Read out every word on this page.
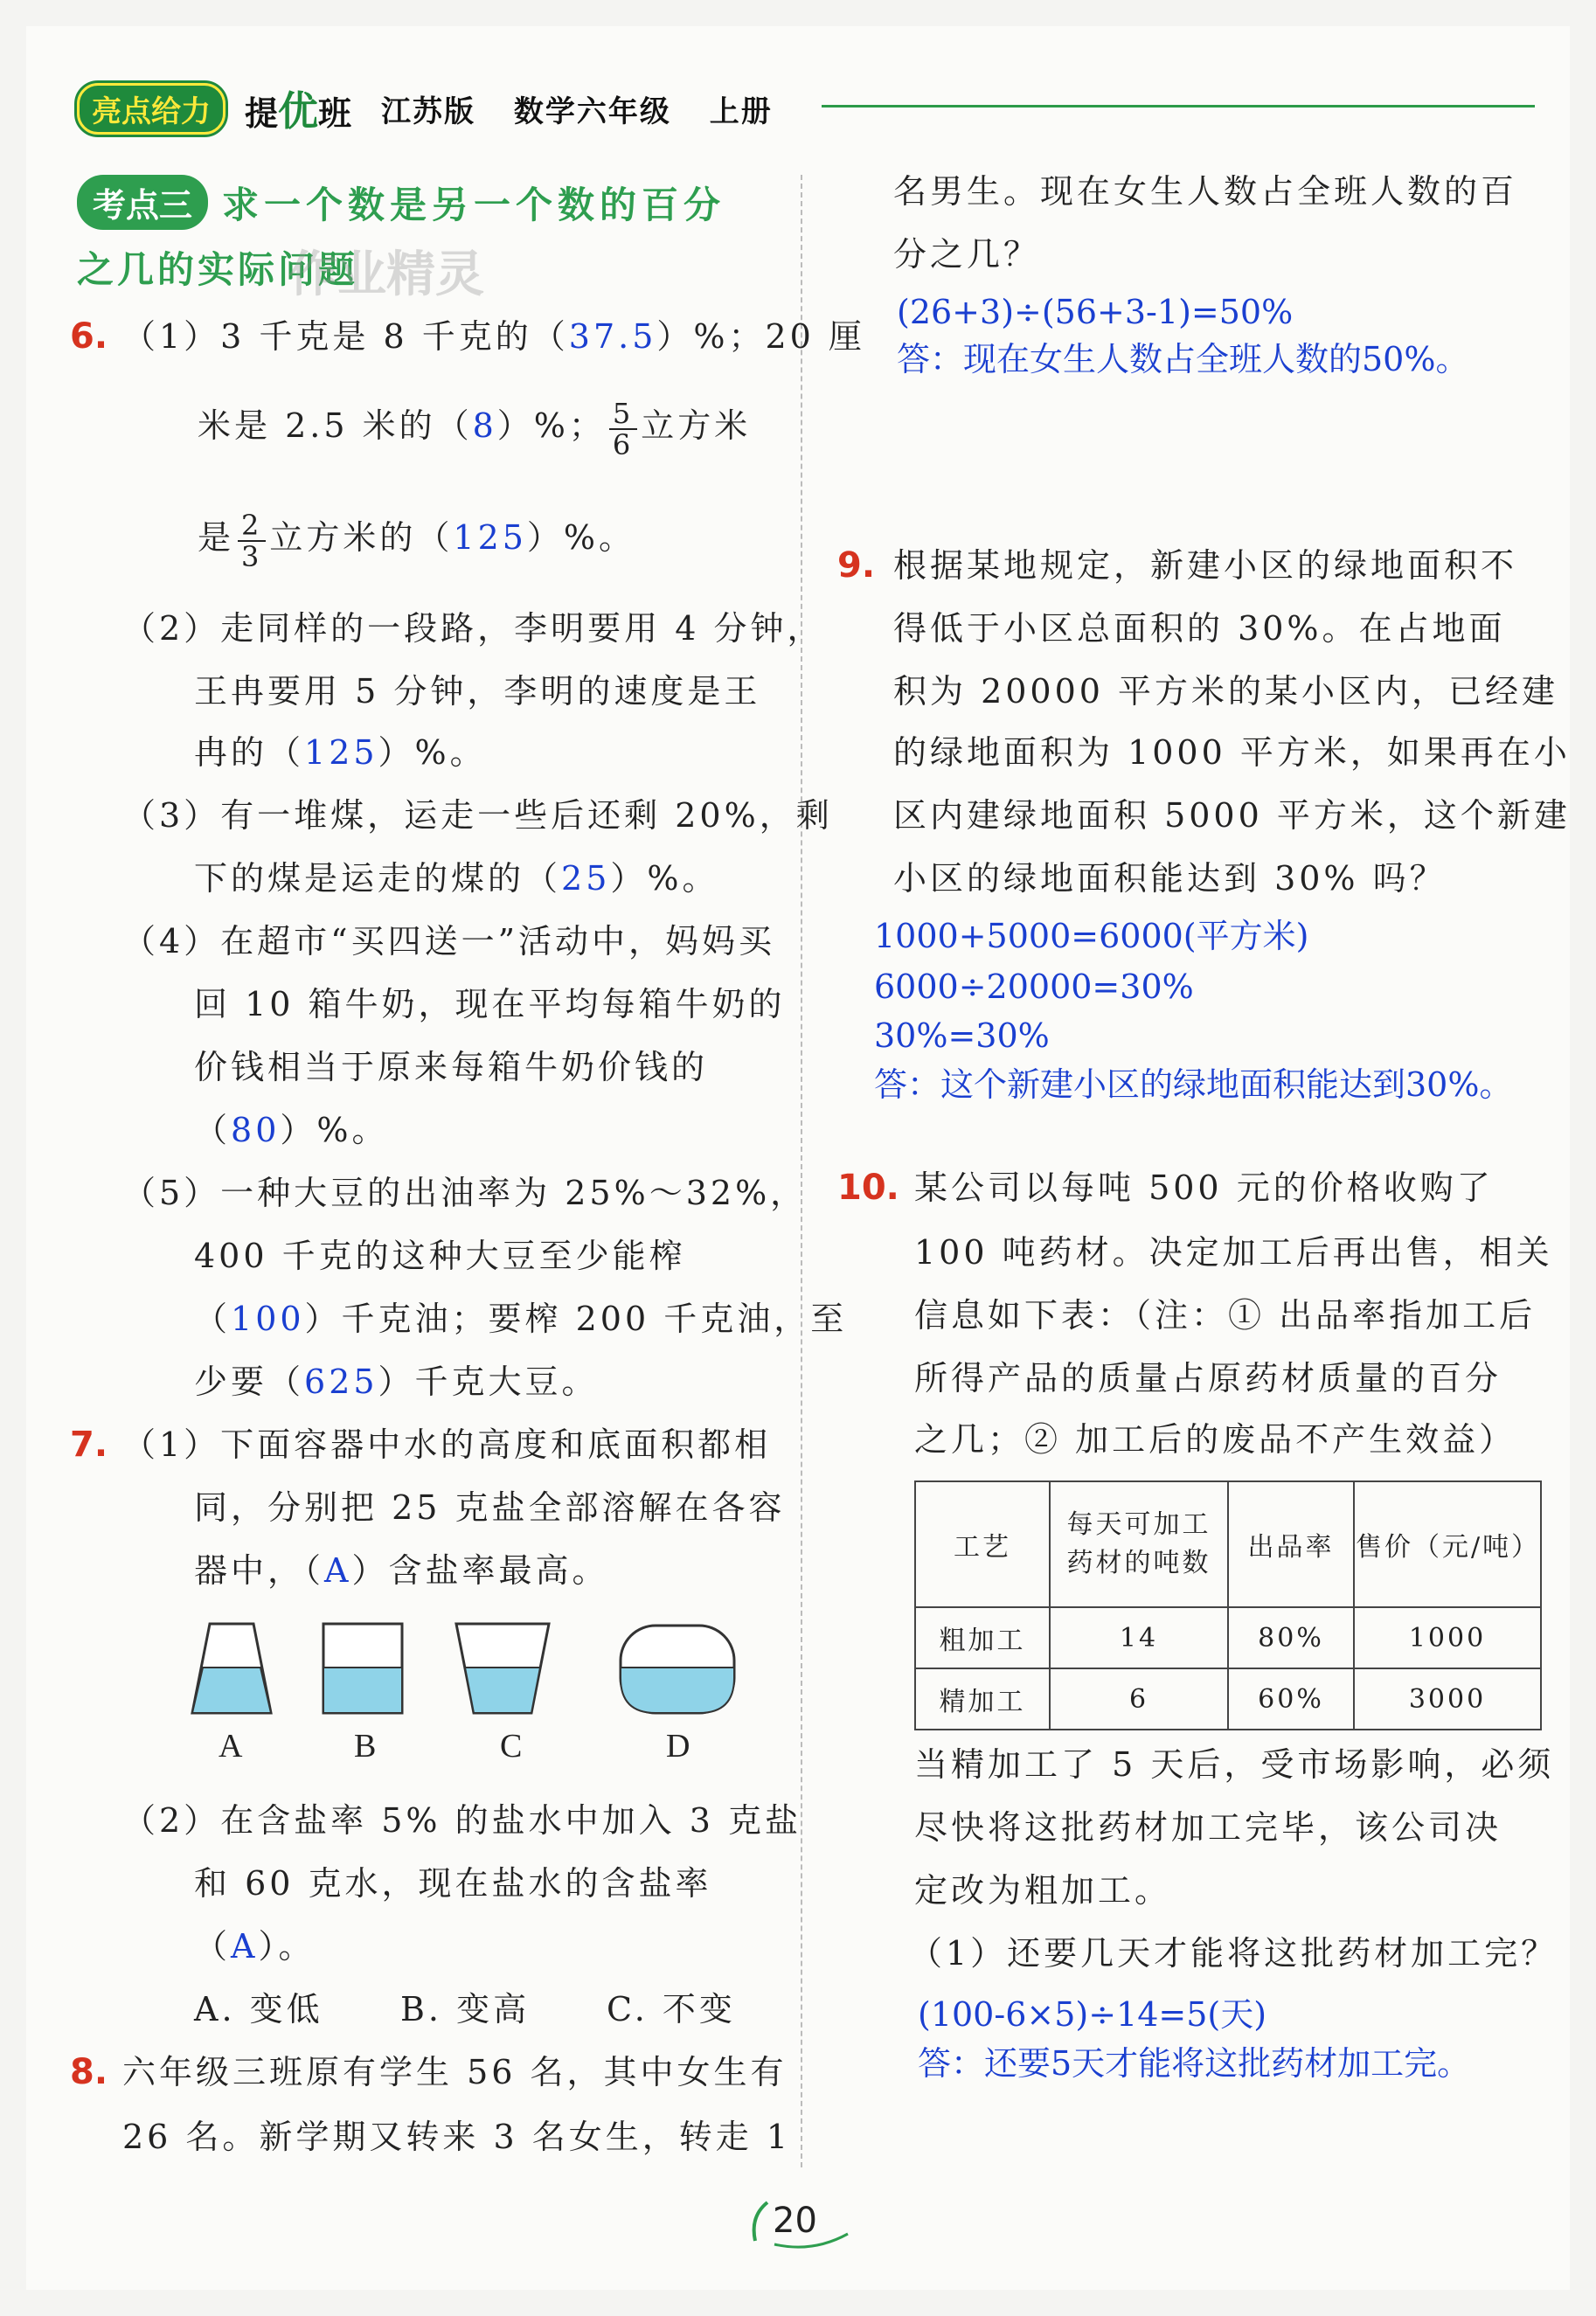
亮点给力	提优班 江苏版 数学六年级 上册
考点三 求一个数是另一个数的百分
之几的实际问题
作业精灵
6. （1）3 千克是 8 千克的（37.5）%；20 厘
米是 2.5 米的（8）%； $\frac{5}{6}$ 立方米
是 $\frac{2}{3}$ 立方米的（125）%。
（2）走同样的一段路，李明要用 4 分钟，
王冉要用 5 分钟，李明的速度是王
冉的（125）%。
（3）有一堆煤，运走一些后还剩 20%，剩
下的煤是运走的煤的（25）%。
（4）在超市“买四送一”活动中，妈妈买
回 10 箱牛奶，现在平均每箱牛奶的
价钱相当于原来每箱牛奶价钱的
（80）%。
（5）一种大豆的出油率为 25%～32%，
400 千克的这种大豆至少能榨
（100）千克油；要榨 200 千克油，至
少要（625）千克大豆。
7. （1）下面容器中水的高度和底面积都相
同，分别把 25 克盐全部溶解在各容
器中，（A）含盐率最高。
A	B	C	D
（2）在含盐率 5% 的盐水中加入 3 克盐
和 60 克水，现在盐水的含盐率
（A）。
A. 变低 B. 变高 C. 不变
8. 六年级三班原有学生 56 名，其中女生有
26 名。新学期又转来 3 名女生，转走 1
名男生。现在女生人数占全班人数的百
分之几？
(26+3)÷(56+3-1)=50%
答：现在女生人数占全班人数的50%。
9. 根据某地规定，新建小区的绿地面积不
得低于小区总面积的 30%。在占地面
积为 20000 平方米的某小区内，已经建
的绿地面积为 1000 平方米，如果再在小
区内建绿地面积 5000 平方米，这个新建
小区的绿地面积能达到 30% 吗？
1000+5000=6000(平方米)
6000÷20000=30%
30%=30%
答：这个新建小区的绿地面积能达到30%。
10. 某公司以每吨 500 元的价格收购了
100 吨药材。决定加工后再出售，相关
信息如下表：（注：① 出品率指加工后
所得产品的质量占原药材质量的百分
之几；② 加工后的废品不产生效益）
工艺	每天可加工
药材的吨数	出品率	售价（元/吨）
粗加工	14	80%	1000
精加工	6	60%	3000
当精加工了 5 天后，受市场影响，必须
尽快将这批药材加工完毕，该公司决
定改为粗加工。
（1）还要几天才能将这批药材加工完？
(100-6×5)÷14=5(天)
答：还要5天才能将这批药材加工完。
20
